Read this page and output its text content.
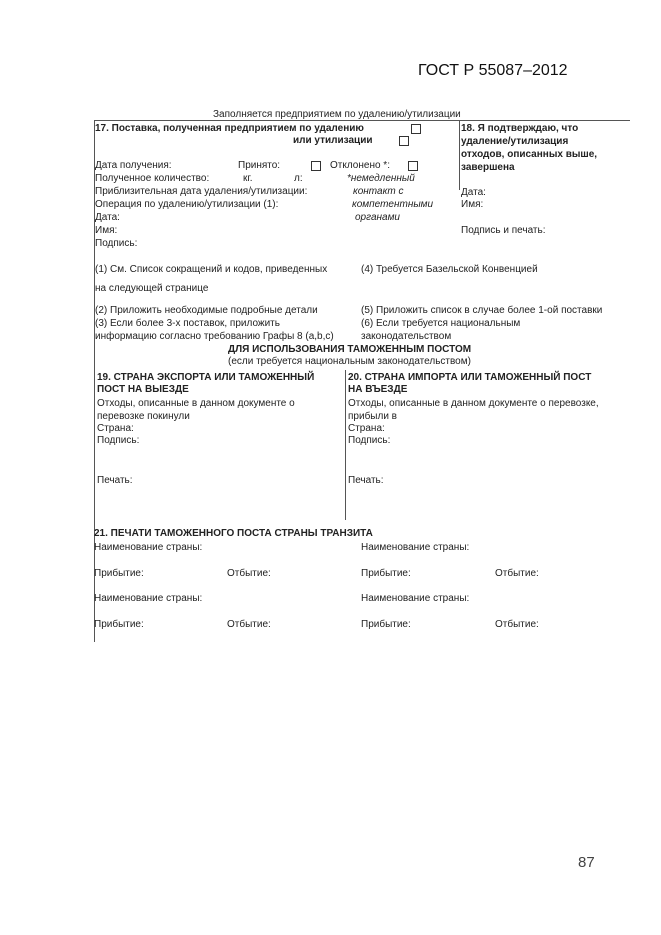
ГОСТ Р 55087–2012
Заполняется предприятием по удалению/утилизации
17. Поставка, полученная предприятием по удалению
или утилизации
Дата получения:	Принято:	Отклонено *:
Полученное количество:	кг.	л:	*немедленный
Приблизительная дата удаления/утилизации:	контакт с
Операция по удалению/утилизации (1):	компетентными
Дата:	органами
Имя:
Подпись:
18. Я подтверждаю, что
удаление/утилизация
отходов, описанных выше,
завершена
Дата:
Имя:
Подпись и печать:
(1) См. Список сокращений и кодов, приведенных
на следующей странице
(4) Требуется Базельской Конвенцией
(2) Приложить необходимые подробные детали
(3) Если более 3-х поставок, приложить
информацию согласно требованию Графы 8 (a,b,c)
(5) Приложить список в случае более 1-ой поставки
(6) Если требуется национальным
законодательством
ДЛЯ ИСПОЛЬЗОВАНИЯ ТАМОЖЕННЫМ ПОСТОМ
(если требуется национальным законодательством)
19. СТРАНА ЭКСПОРТА ИЛИ ТАМОЖЕННЫЙ
ПОСТ НА ВЫЕЗДЕ
Отходы, описанные в данном документе о
перевозке покинули
Страна:
Подпись:
Печать:
20. СТРАНА ИМПОРТА ИЛИ ТАМОЖЕННЫЙ ПОСТ
НА ВЪЕЗДЕ
Отходы, описанные в данном документе о перевозке,
прибыли в
Страна:
Подпись:
Печать:
21. ПЕЧАТИ ТАМОЖЕННОГО ПОСТА СТРАНЫ ТРАНЗИТА
Наименование страны:	Наименование страны:
Прибытие:	Отбытие:	Прибытие:	Отбытие:
Наименование страны:	Наименование страны:
Прибытие:	Отбытие:	Прибытие:	Отбытие:
87
